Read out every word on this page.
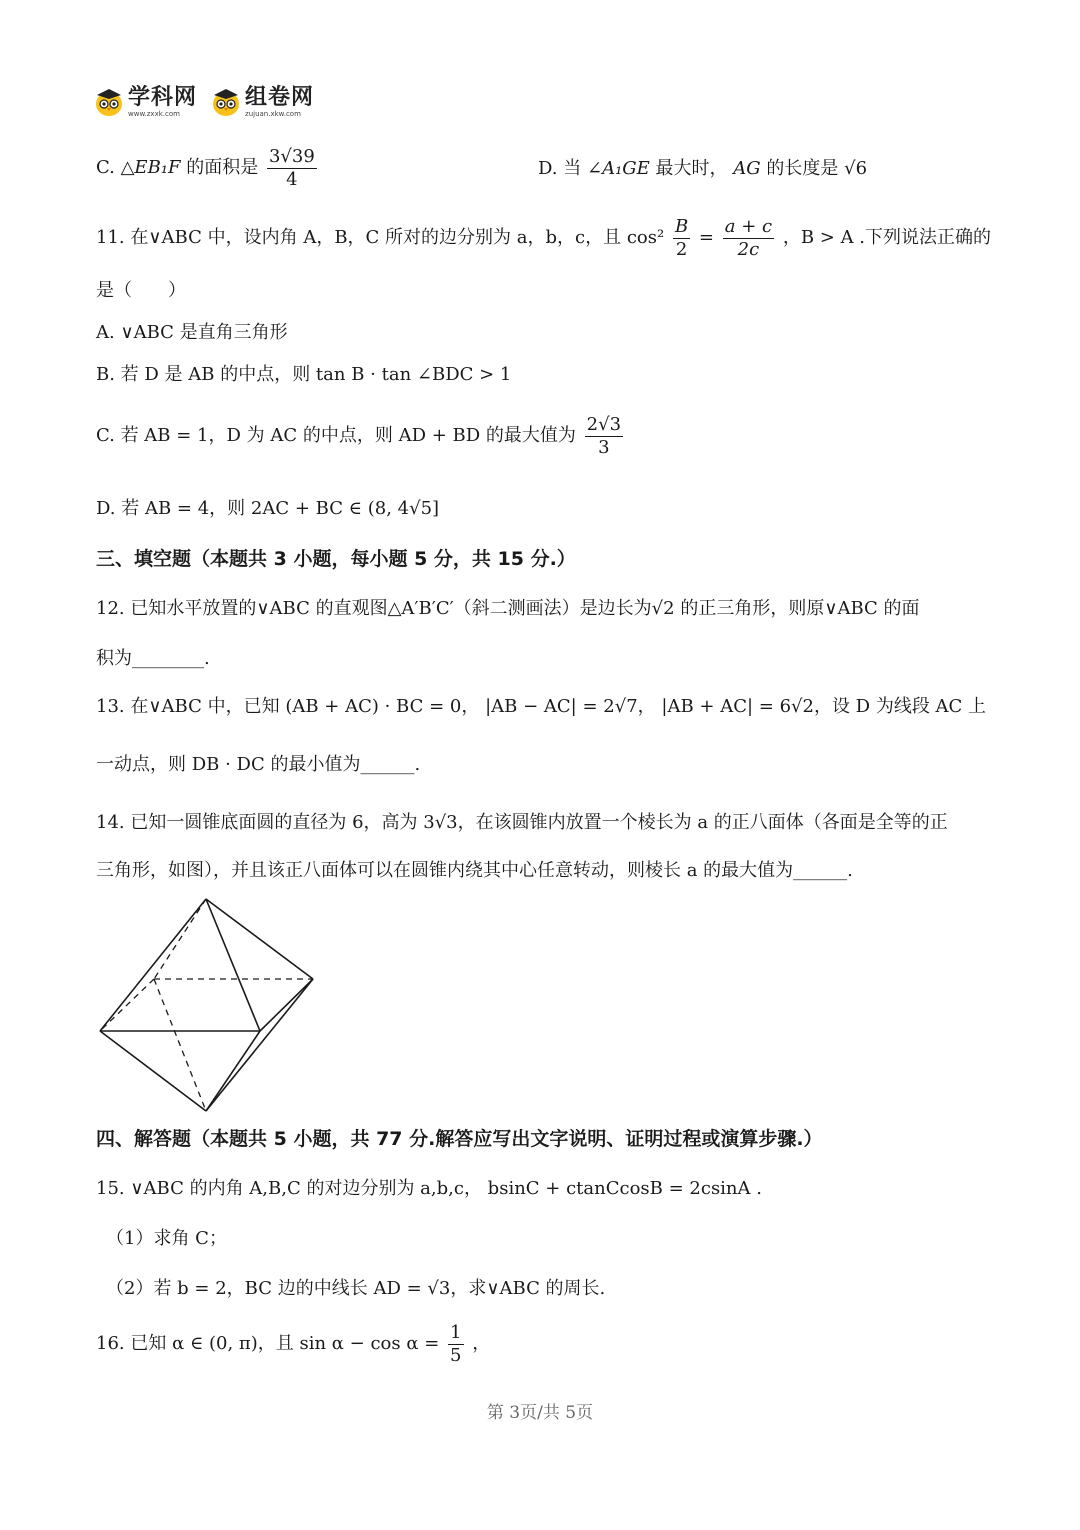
学科网
www.zxxk.com
组卷网
zujuan.xkw.com
C. △EB₁F 的面积是 $\frac{3√39}{4}$	D. 当 ∠A₁GE 最大时， AG 的长度是 √6
11. 在∨ABC 中，设内角 A，B，C 所对的边分别为 a，b，c，且 $\cos^2 \frac{B}{2} = \frac{a + c}{2c}$ ，B > A .下列说法正确的
是（　　）
A. ∨ABC 是直角三角形
B. 若 D 是 AB 的中点，则 tan B · tan ∠BDC > 1
C. 若 AB = 1，D 为 AC 的中点，则 AD + BD 的最大值为 $\frac{2√3}{3}$
D. 若 AB = 4，则 2AC + BC ∈ (8, 4√5]
三、填空题（本题共 3 小题，每小题 5 分，共 15 分.）
12. 已知水平放置的∨ABC 的直观图△A′B′C′（斜二测画法）是边长为√2 的正三角形，则原∨ABC 的面
积为________.
13. 在∨ABC 中，已知 (AB + AC) · BC = 0， |AB − AC| = 2√7， |AB + AC| = 6√2，设 D 为线段 AC 上
一动点，则 DB · DC 的最小值为______.
14. 已知一圆锥底面圆的直径为 6，高为 3√3，在该圆锥内放置一个棱长为 a 的正八面体（各面是全等的正
三角形，如图），并且该正八面体可以在圆锥内绕其中心任意转动，则棱长 a 的最大值为______.
四、解答题（本题共 5 小题，共 77 分.解答应写出文字说明、证明过程或演算步骤.）
15. ∨ABC 的内角 A,B,C 的对边分别为 a,b,c， bsinC + ctanCcosB = 2csinA .
（1）求角 C；
（2）若 b = 2，BC 边的中线长 AD = √3，求∨ABC 的周长.
16. 已知 α ∈ (0, π)，且 $\sin \alpha - \cos \alpha = \frac{1}{5}$ ，
第 3页/共 5页
